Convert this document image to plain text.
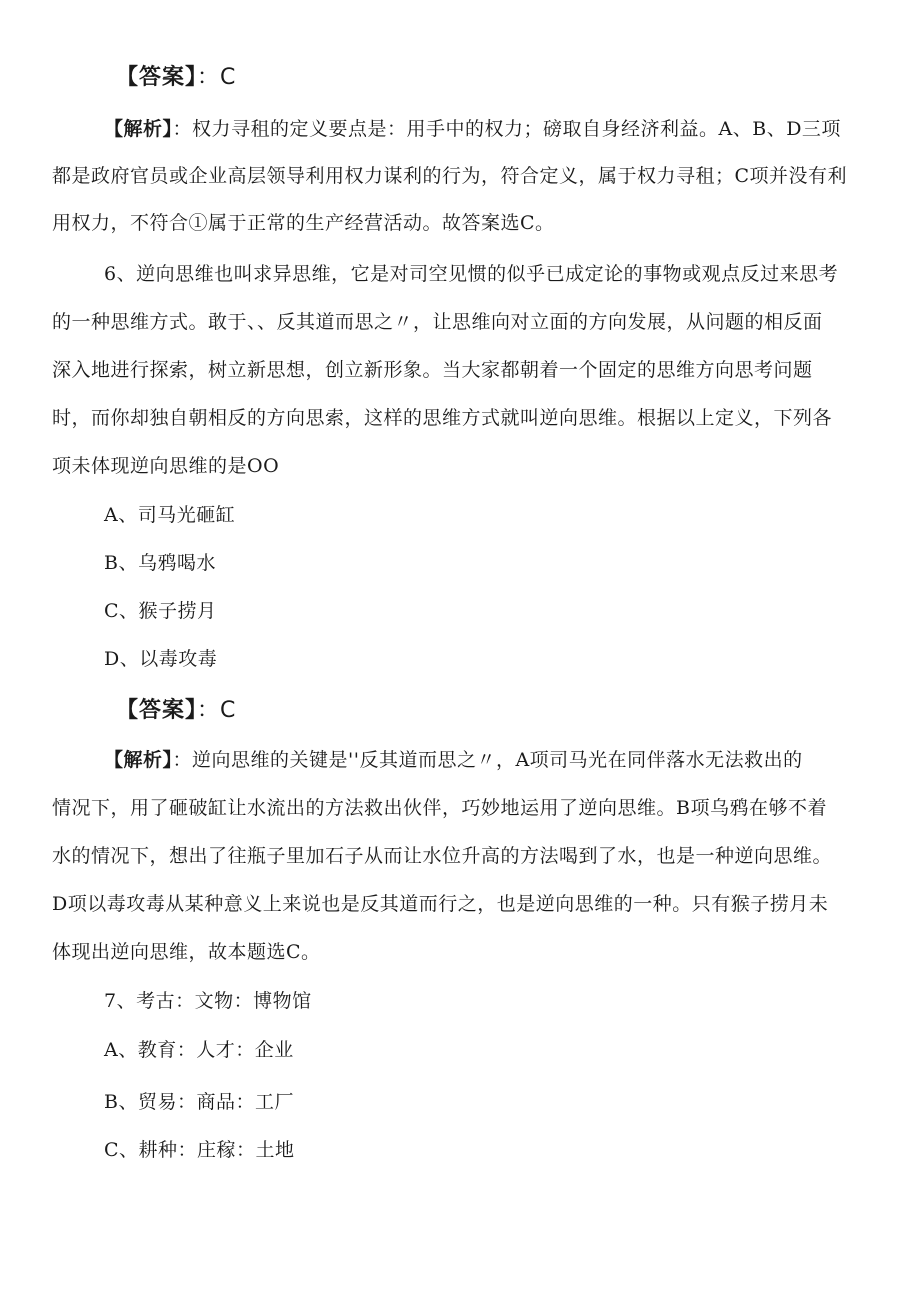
【答案】：C
【解析】：权力寻租的定义要点是：用手中的权力；磅取自身经济利益。A、B、D三项
都是政府官员或企业高层领导利用权力谋利的行为，符合定义，属于权力寻租；C项并没有利
用权力，不符合①属于正常的生产经营活动。故答案选C。
6、逆向思维也叫求异思维，它是对司空见惯的似乎已成定论的事物或观点反过来思考
的一种思维方式。敢于、、反其道而思之〃，让思维向对立面的方向发展，从问题的相反面
深入地进行探索，树立新思想，创立新形象。当大家都朝着一个固定的思维方向思考问题
时，而你却独自朝相反的方向思索，这样的思维方式就叫逆向思维。根据以上定义，下列各
项未体现逆向思维的是OO
A、司马光砸缸
B、乌鸦喝水
C、猴子捞月
D、以毒攻毒
【答案】：C
【解析】：逆向思维的关键是''反其道而思之〃，A项司马光在同伴落水无法救出的
情况下，用了砸破缸让水流出的方法救出伙伴，巧妙地运用了逆向思维。B项乌鸦在够不着
水的情况下，想出了往瓶子里加石子从而让水位升高的方法喝到了水，也是一种逆向思维。
D项以毒攻毒从某种意义上来说也是反其道而行之，也是逆向思维的一种。只有猴子捞月未
体现出逆向思维，故本题选C。
7、考古：文物：博物馆
A、教育：人才：企业
B、贸易：商品：工厂
C、耕种：庄稼：土地
